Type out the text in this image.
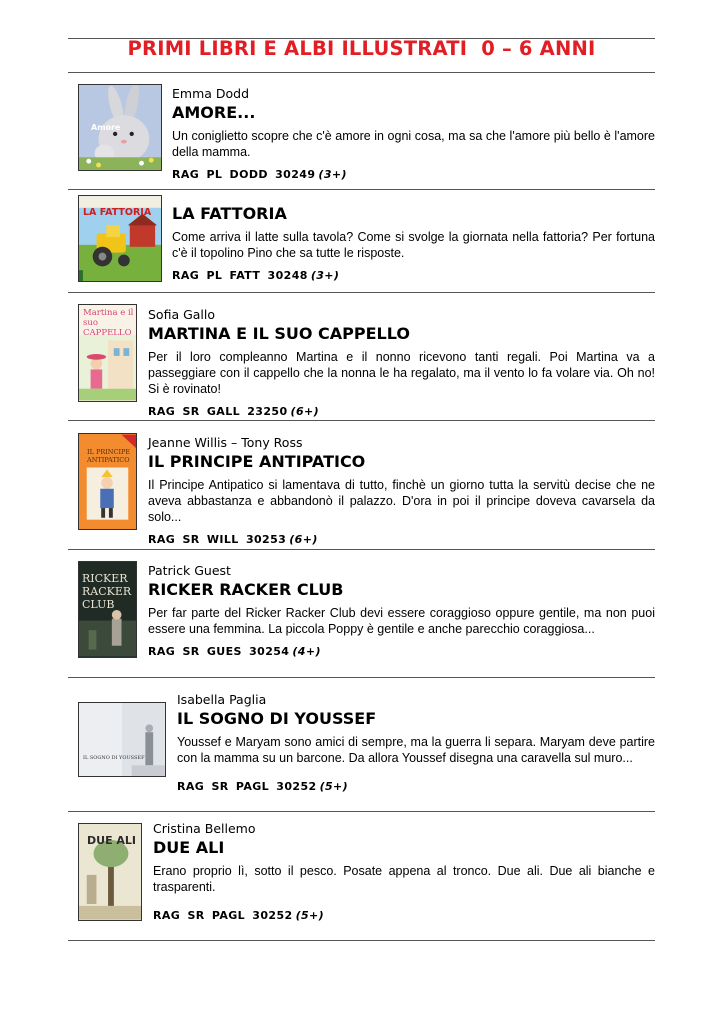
PRIMI LIBRI E ALBI ILLUSTRATI  0 – 6 ANNI
Amore
Emma Dodd
AMORE...
Un coniglietto scopre che c'è amore in ogni cosa, ma sa che l'amore più bello è l'amore della mamma.
RAG PL DODD 30249 (3+)
LA FATTORIA LA FATTORIA
Come arriva il latte sulla tavola? Come si svolge la giornata nella fattoria? Per fortuna c'è il topolino Pino che sa tutte le risposte.
RAG PL FATT 30248 (3+)
Martina e il suo CAPPELLO
Sofia Gallo
MARTINA E IL SUO CAPPELLO
Per il loro compleanno Martina e il nonno ricevono tanti regali. Poi Martina va a passeggiare con il cappello che la nonna le ha regalato, ma il vento lo fa volare via. Oh no! Si è rovinato!
RAG SR GALL 23250 (6+)
IL PRINCIPE ANTIPATICO
Jeanne Willis – Tony Ross
IL PRINCIPE ANTIPATICO
Il Principe Antipatico si lamentava di tutto, finchè un giorno tutta la servitù decise che ne aveva abbastanza e abbandonò il palazzo. D'ora in poi il principe doveva cavarsela da solo...
RAG SR WILL 30253 (6+)
RICKER RACKER CLUB
Patrick Guest
RICKER RACKER CLUB
Per far parte del Ricker Racker Club devi essere coraggioso oppure gentile, ma non puoi essere una femmina. La piccola Poppy è gentile e anche parecchio coraggiosa...
RAG SR GUES 30254 (4+)
IL SOGNO DI YOUSSEF
Isabella Paglia
IL SOGNO DI YOUSSEF
Youssef e Maryam sono amici di sempre, ma la guerra li separa. Maryam deve partire con la mamma su un barcone. Da allora Youssef disegna una caravella sul muro...
RAG SR PAGL 30252 (5+)
DUE ALI
Cristina Bellemo
DUE ALI
Erano proprio lì, sotto il pesco. Posate appena al tronco. Due ali. Due ali bianche e trasparenti.
RAG SR PAGL 30252 (5+)
